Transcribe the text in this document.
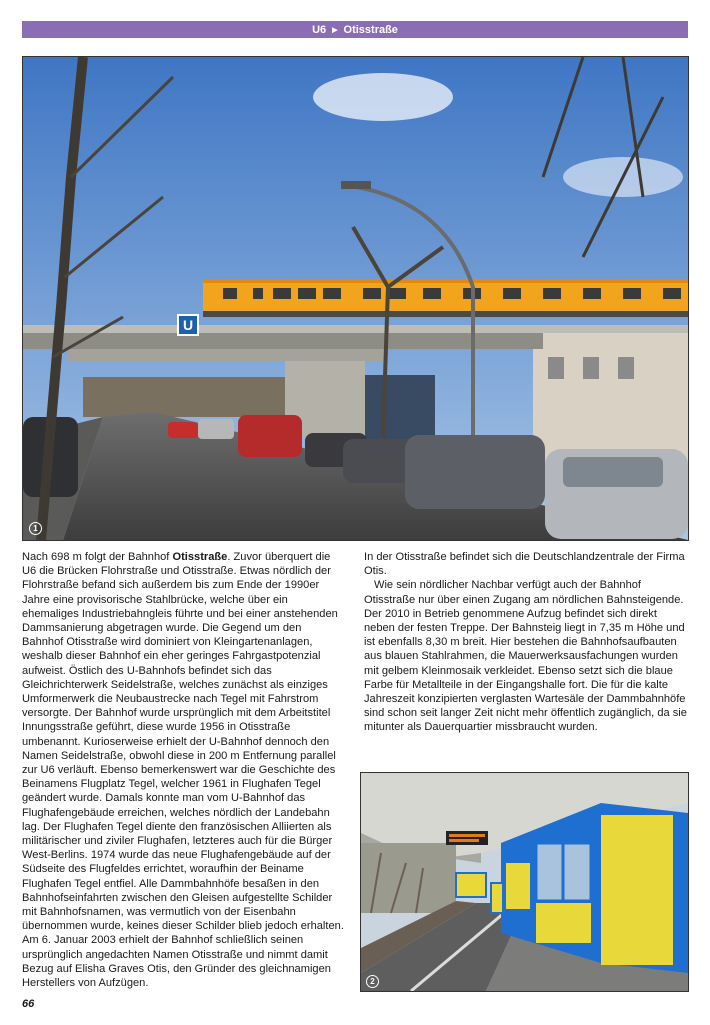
U6 ▶ Otisstraße
U
1

Nach 698 m folgt der Bahnhof Otisstraße. Zuvor überquert die U6 die Brücken Flohrstraße und Otisstraße. Etwas nördlich der Flohrstraße befand sich außerdem bis zum Ende der 1990er Jahre eine provisorische Stahlbrücke, welche über ein ehemaliges Industriebahngleis führte und bei einer anstehenden Dammsanierung abgetragen wurde. Die Gegend um den Bahnhof Otisstraße wird dominiert von Kleingartenanlagen, weshalb dieser Bahnhof ein eher geringes Fahrgastpotenzial aufweist. Östlich des U-Bahnhofs befindet sich das Gleichrichterwerk Seidelstraße, welches zunächst als einziges Umformerwerk die Neubaustrecke nach Tegel mit Fahrstrom versorgte. Der Bahnhof wurde ursprünglich mit dem Arbeitstitel Innungsstraße geführt, diese wurde 1956 in Otisstraße umbenannt. Kurioserweise erhielt der U-Bahnhof dennoch den Namen Seidelstraße, obwohl diese in 200 m Entfernung parallel zur U6 verläuft. Ebenso bemerkenswert war die Geschichte des Beinamens Flugplatz Tegel, welcher 1961 in Flughafen Tegel geändert wurde. Damals konnte man vom U-Bahnhof das Flughafengebäude erreichen, welches nördlich der Landebahn lag. Der Flughafen Tegel diente den französischen Alliierten als militärischer und ziviler Flughafen, letzteres auch für die Bürger West-Berlins. 1974 wurde das neue Flughafengebäude auf der Südseite des Flugfeldes errichtet, woraufhin der Beiname Flughafen Tegel entfiel. Alle Dammbahnhöfe besaßen in den Bahnhofseinfahrten zwischen den Gleisen aufgestellte Schilder mit Bahnhofsnamen, was vermutlich von der Eisenbahn übernommen wurde, keines dieser Schilder blieb jedoch erhalten. Am 6. Januar 2003 erhielt der Bahnhof schließlich seinen ursprünglich angedachten Namen Otisstraße und nimmt damit Bezug auf Elisha Graves Otis, den Gründer des gleichnamigen Herstellers von Aufzügen.

In der Otisstraße befindet sich die Deutschlandzentrale der Firma Otis.

Wie sein nördlicher Nachbar verfügt auch der Bahnhof Otisstraße nur über einen Zugang am nördlichen Bahnsteigende. Der 2010 in Betrieb genommene Aufzug befindet sich direkt neben der festen Treppe. Der Bahnsteig liegt in 7,35 m Höhe und ist ebenfalls 8,30 m breit. Hier bestehen die Bahnhofsaufbauten aus blauen Stahlrahmen, die Mauerwerksausfachungen wurden mit gelbem Kleinmosaik verkleidet. Ebenso setzt sich die blaue Farbe für Metallteile in der Eingangshalle fort. Die für die kalte Jahreszeit konzipierten verglasten Wartesäle der Dammbahnhöfe sind schon seit langer Zeit nicht mehr öffentlich zugänglich, da sie mitunter als Dauerquartier missbraucht wurden.

2
66
